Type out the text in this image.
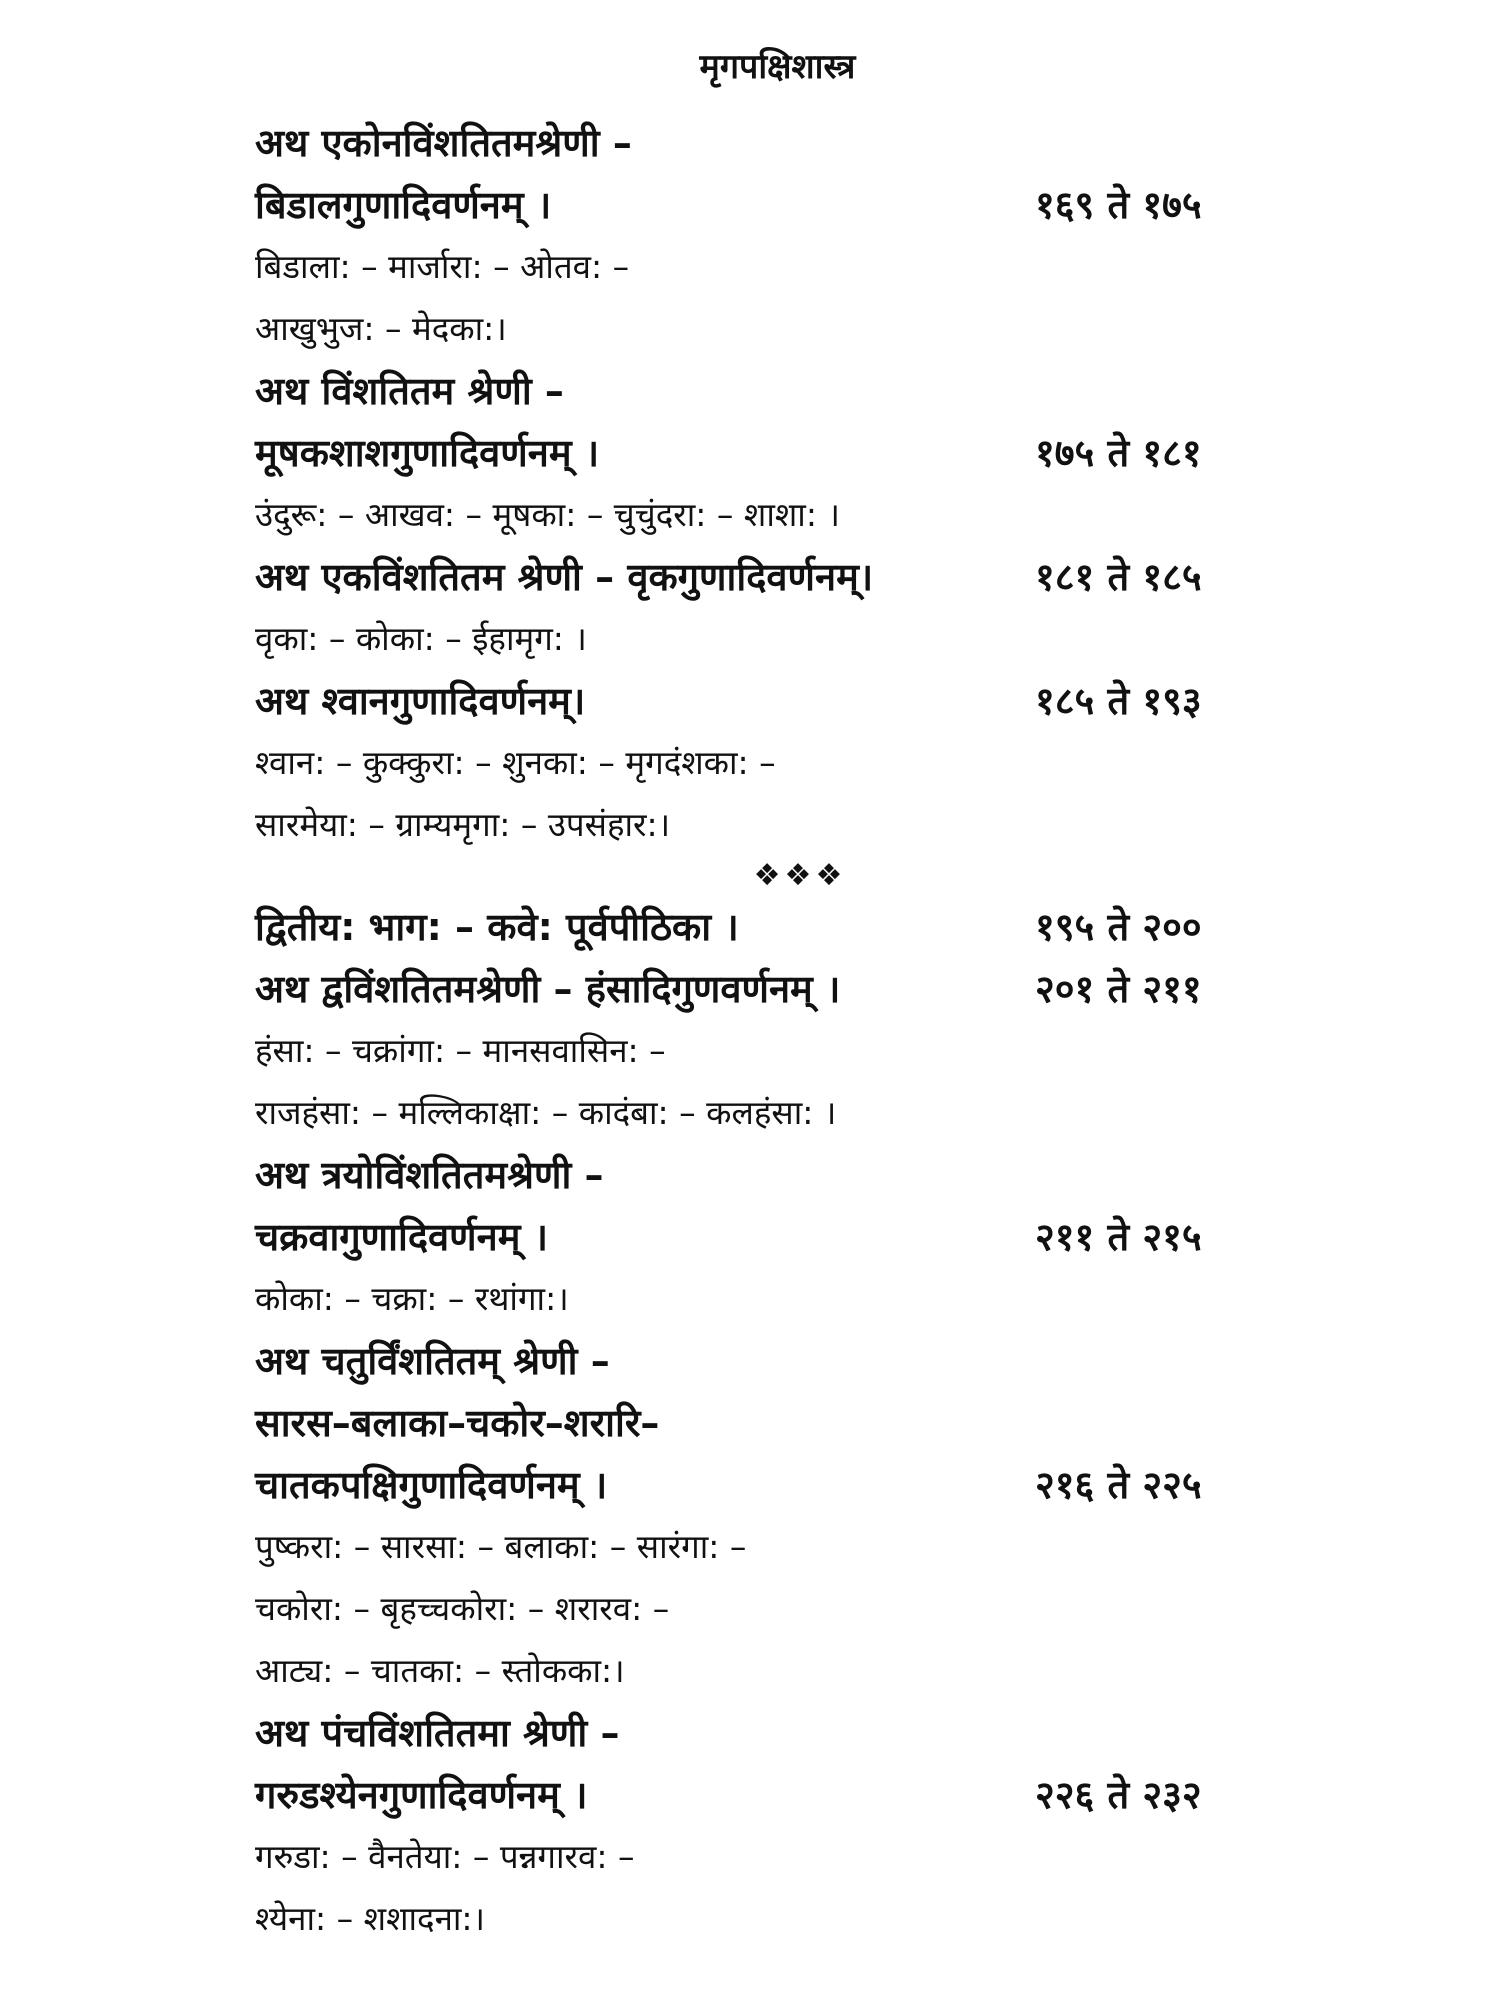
मृगपक्षिशास्त्र
अथ एकोनविंशतितमश्रेणी –
बिडालगुणादिवर्णनम् ।	१६९ ते १७५
बिडाला: – मार्जारा: – ओतव: –
आखुभुज: – मेदका:।
अथ विंशतितम श्रेणी –
मूषकशाशगुणादिवर्णनम् ।	१७५ ते १८१
उंदुरू: – आखव: – मूषका: – चुचुंदरा: – शाशा: ।
अथ एकविंशतितम श्रेणी – वृकगुणादिवर्णनम्।	१८१ ते १८५
वृका: – कोका: – ईहामृग: ।
अथ श्वानगुणादिवर्णनम्।	१८५ ते १९३
श्वान: – कुक्कुरा: – शुनका: – मृगदंशका: –
सारमेया: – ग्राम्यमृगा: – उपसंहार:।
❖❖❖
द्वितीय: भाग: – कवे: पूर्वपीठिका ।	१९५ ते २००
अथ द्वविंशतितमश्रेणी – हंसादिगुणवर्णनम् ।	२०१ ते २११
हंसा: – चक्रांगा: – मानसवासिन: –
राजहंसा: – मल्लिकाक्षा: – कादंबा: – कलहंसा: ।
अथ त्रयोविंशतितमश्रेणी –
चक्रवागुणादिवर्णनम् ।	२११ ते २१५
कोका: – चक्रा: – रथांगा:।
अथ चतुर्विंशतितम् श्रेणी –
सारस–बलाका–चकोर–शरारि–
चातकपक्षिगुणादिवर्णनम् ।	२१६ ते २२५
पुष्करा: – सारसा: – बलाका: – सारंगा: –
चकोरा: – बृहच्चकोरा: – शरारव: –
आट्य: – चातका: – स्तोकका:।
अथ पंचविंशतितमा श्रेणी –
गरुडश्येनगुणादिवर्णनम् ।	२२६ ते २३२
गरुडा: – वैनतेया: – पन्नगारव: –
श्येना: – शशादना:।
